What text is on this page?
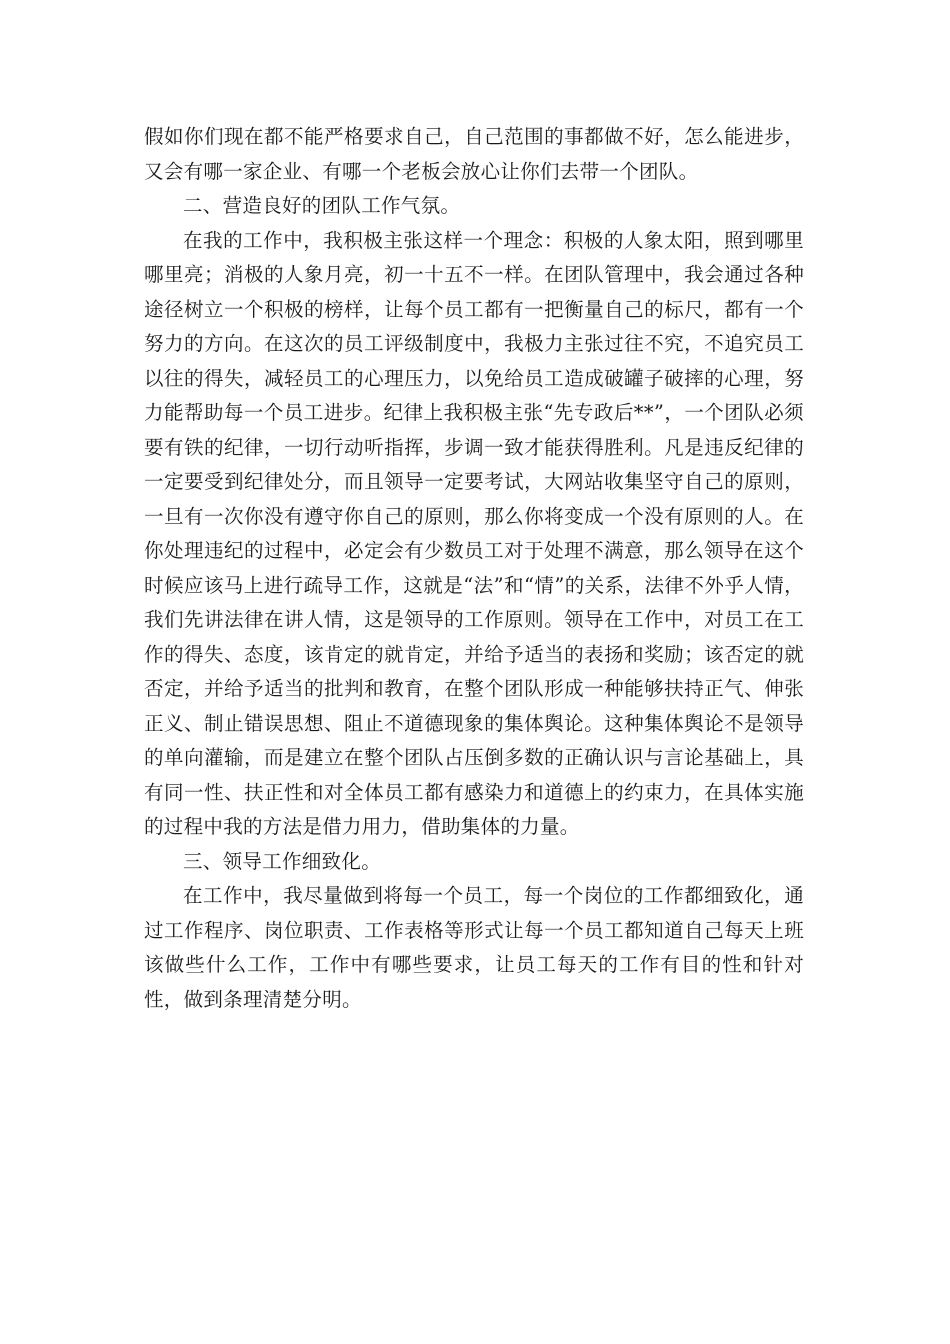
假如你们现在都不能严格要求自己，自己范围的事都做不好，怎么能进步，又会有哪一家企业、有哪一个老板会放心让你们去带一个团队。

二、营造良好的团队工作气氛。

在我的工作中，我积极主张这样一个理念：积极的人象太阳，照到哪里哪里亮；消极的人象月亮，初一十五不一样。在团队管理中，我会通过各种途径树立一个积极的榜样，让每个员工都有一把衡量自己的标尺，都有一个努力的方向。在这次的员工评级制度中，我极力主张过往不究，不追究员工以往的得失，减轻员工的心理压力，以免给员工造成破罐子破摔的心理，努力能帮助每一个员工进步。纪律上我积极主张“先专政后**”，一个团队必须要有铁的纪律，一切行动听指挥，步调一致才能获得胜利。凡是违反纪律的一定要受到纪律处分，而且领导一定要考试，大网站收集坚守自己的原则，一旦有一次你没有遵守你自己的原则，那么你将变成一个没有原则的人。在你处理违纪的过程中，必定会有少数员工对于处理不满意，那么领导在这个时候应该马上进行疏导工作，这就是“法”和“情”的关系，法律不外乎人情，我们先讲法律在讲人情，这是领导的工作原则。领导在工作中，对员工在工作的得失、态度，该肯定的就肯定，并给予适当的表扬和奖励；该否定的就否定，并给予适当的批判和教育，在整个团队形成一种能够扶持正气、伸张正义、制止错误思想、阻止不道德现象的集体舆论。这种集体舆论不是领导的单向灌输，而是建立在整个团队占压倒多数的正确认识与言论基础上，具有同一性、扶正性和对全体员工都有感染力和道德上的约束力，在具体实施的过程中我的方法是借力用力，借助集体的力量。

三、领导工作细致化。

在工作中，我尽量做到将每一个员工，每一个岗位的工作都细致化，通过工作程序、岗位职责、工作表格等形式让每一个员工都知道自己每天上班该做些什么工作，工作中有哪些要求，让员工每天的工作有目的性和针对性，做到条理清楚分明。
